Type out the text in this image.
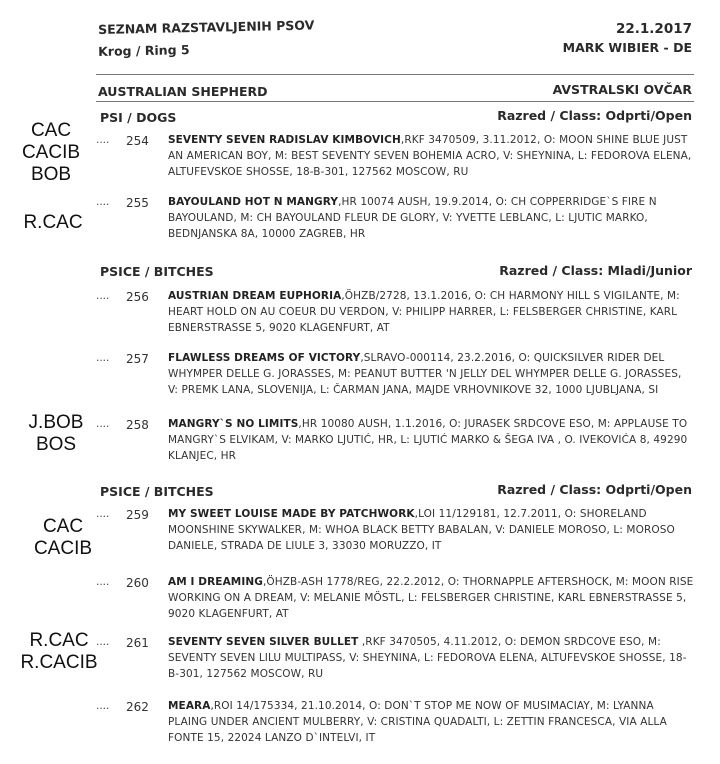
SEZNAM RAZSTAVLJENIH PSOV
Krog / Ring 5
22.1.2017
MARK WIBIER - DE
AUSTRALIAN SHEPHERD	AVSTRALSKI OVČAR
PSI / DOGS	Razred / Class: Odprti/Open
CAC
CACIB
BOB
....	254	SEVENTY SEVEN RADISLAV KIMBOVICH,RKF 3470509, 3.11.2012, O: MOON SHINE BLUE JUST AN AMERICAN BOY, M: BEST SEVENTY SEVEN BOHEMIA ACRO, V: SHEYNINA, L: FEDOROVA ELENA, ALTUFEVSKOE SHOSSE, 18-B-301, 127562 MOSCOW, RU
R.CAC
....	255	BAYOULAND HOT N MANGRY,HR 10074 AUSH, 19.9.2014, O: CH COPPERRIDGE`S FIRE N BAYOULAND, M: CH BAYOULAND FLEUR DE GLORY, V: YVETTE LEBLANC, L: LJUTIC MARKO, BEDNJANSKA 8A, 10000 ZAGREB, HR
PSICE / BITCHES	Razred / Class: Mladi/Junior
....	256	AUSTRIAN DREAM EUPHORIA,ÖHZB/2728, 13.1.2016, O: CH HARMONY HILL S VIGILANTE, M: HEART HOLD ON AU COEUR DU VERDON, V: PHILIPP HARRER, L: FELSBERGER CHRISTINE, KARL EBNERSTRASSE 5, 9020 KLAGENFURT, AT
....	257	FLAWLESS DREAMS OF VICTORY,SLRAVO-000114, 23.2.2016, O: QUICKSILVER RIDER DEL WHYMPER DELLE G. JORASSES, M: PEANUT BUTTER 'N JELLY DEL WHYMPER DELLE G. JORASSES, V: PREMK LANA, SLOVENIJA, L: ČARMAN JANA, MAJDE VRHOVNIKOVE 32, 1000 LJUBLJANA, SI
J.BOB
BOS
....	258	MANGRY`S NO LIMITS,HR 10080 AUSH, 1.1.2016, O: JURASEK SRDCOVE ESO, M: APPLAUSE TO MANGRY`S ELVIKAM, V: MARKO LJUTIĆ, HR, L: LJUTIĆ MARKO & ŠEGA IVA , O. IVEKOVIĆA 8, 49290 KLANJEC, HR
PSICE / BITCHES	Razred / Class: Odprti/Open
CAC
CACIB
....	259	MY SWEET LOUISE MADE BY PATCHWORK,LOI 11/129181, 12.7.2011, O: SHORELAND MOONSHINE SKYWALKER, M: WHOA BLACK BETTY BABALAN, V: DANIELE MOROSO, L: MOROSO DANIELE, STRADA DE LIULE 3, 33030 MORUZZO, IT
....	260	AM I DREAMING,ÖHZB-ASH 1778/REG, 22.2.2012, O: THORNAPPLE AFTERSHOCK, M: MOON RISE WORKING ON A DREAM, V: MELANIE MÖSTL, L: FELSBERGER CHRISTINE, KARL EBNERSTRASSE 5, 9020 KLAGENFURT, AT
R.CAC
R.CACIB
....	261	SEVENTY SEVEN SILVER BULLET ,RKF 3470505, 4.11.2012, O: DEMON SRDCOVE ESO, M: SEVENTY SEVEN LILU MULTIPASS, V: SHEYNINA, L: FEDOROVA ELENA, ALTUFEVSKOE SHOSSE, 18-B-301, 127562 MOSCOW, RU
....	262	MEARA,ROI 14/175334, 21.10.2014, O: DON`T STOP ME NOW OF MUSIMACIAY, M: LYANNA PLAING UNDER ANCIENT MULBERRY, V: CRISTINA QUADALTI, L: ZETTIN FRANCESCA, VIA ALLA FONTE 15, 22024 LANZO D`INTELVI, IT
